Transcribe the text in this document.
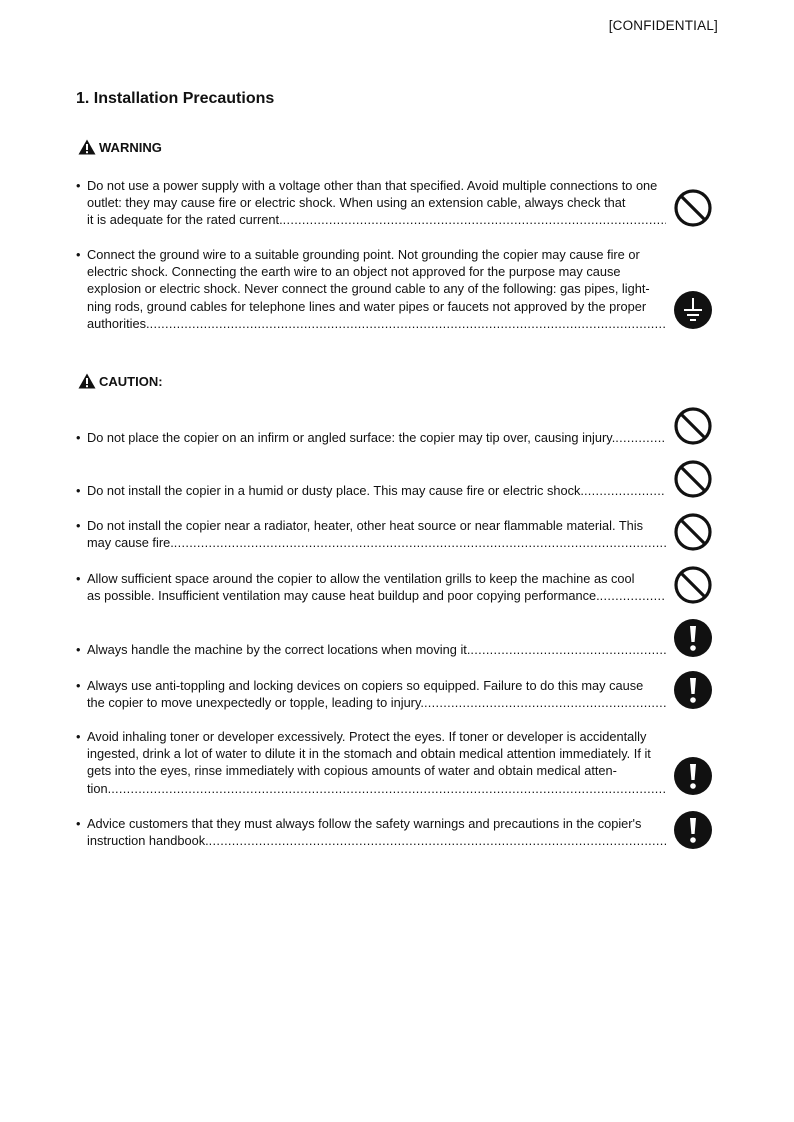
[CONFIDENTIAL]
1. Installation Precautions
WARNING
• Do not use a power supply with a voltage other than that specified. Avoid multiple connections to one outlet: they may cause fire or electric shock. When using an extension cable, always check that
it is adequate for the rated current.
.....
• Connect the ground wire to a suitable grounding point. Not grounding the copier may cause fire or electric shock. Connecting the earth wire to an object not approved for the purpose may cause explosion or electric shock. Never connect the ground cable to any of the following: gas pipes, light-ning rods, ground cables for telephone lines and water pipes or faucets not approved by the proper
authorities.
.....
CAUTION:
• Do not place the copier on an infirm or angled surface: the copier may tip over, causing injury.
.....
• Do not install the copier in a humid or dusty place. This may cause fire or electric shock.
.....
• Do not install the copier near a radiator, heater, other heat source or near flammable material. This
may cause fire.
.....
• Allow sufficient space around the copier to allow the ventilation grills to keep the machine as cool
as possible. Insufficient ventilation may cause heat buildup and poor copying performance.
.....
• Always handle the machine by the correct locations when moving it.
.....
• Always use anti-toppling and locking devices on copiers so equipped. Failure to do this may cause
the copier to move unexpectedly or topple, leading to injury.
.....
• Avoid inhaling toner or developer excessively. Protect the eyes. If toner or developer is accidentally ingested, drink a lot of water to dilute it in the stomach and obtain medical attention immediately. If it gets into the eyes, rinse immediately with copious amounts of water and obtain medical atten-
tion.
.....
• Advice customers that they must always follow the safety warnings and precautions in the copier's
instruction handbook.
.....
